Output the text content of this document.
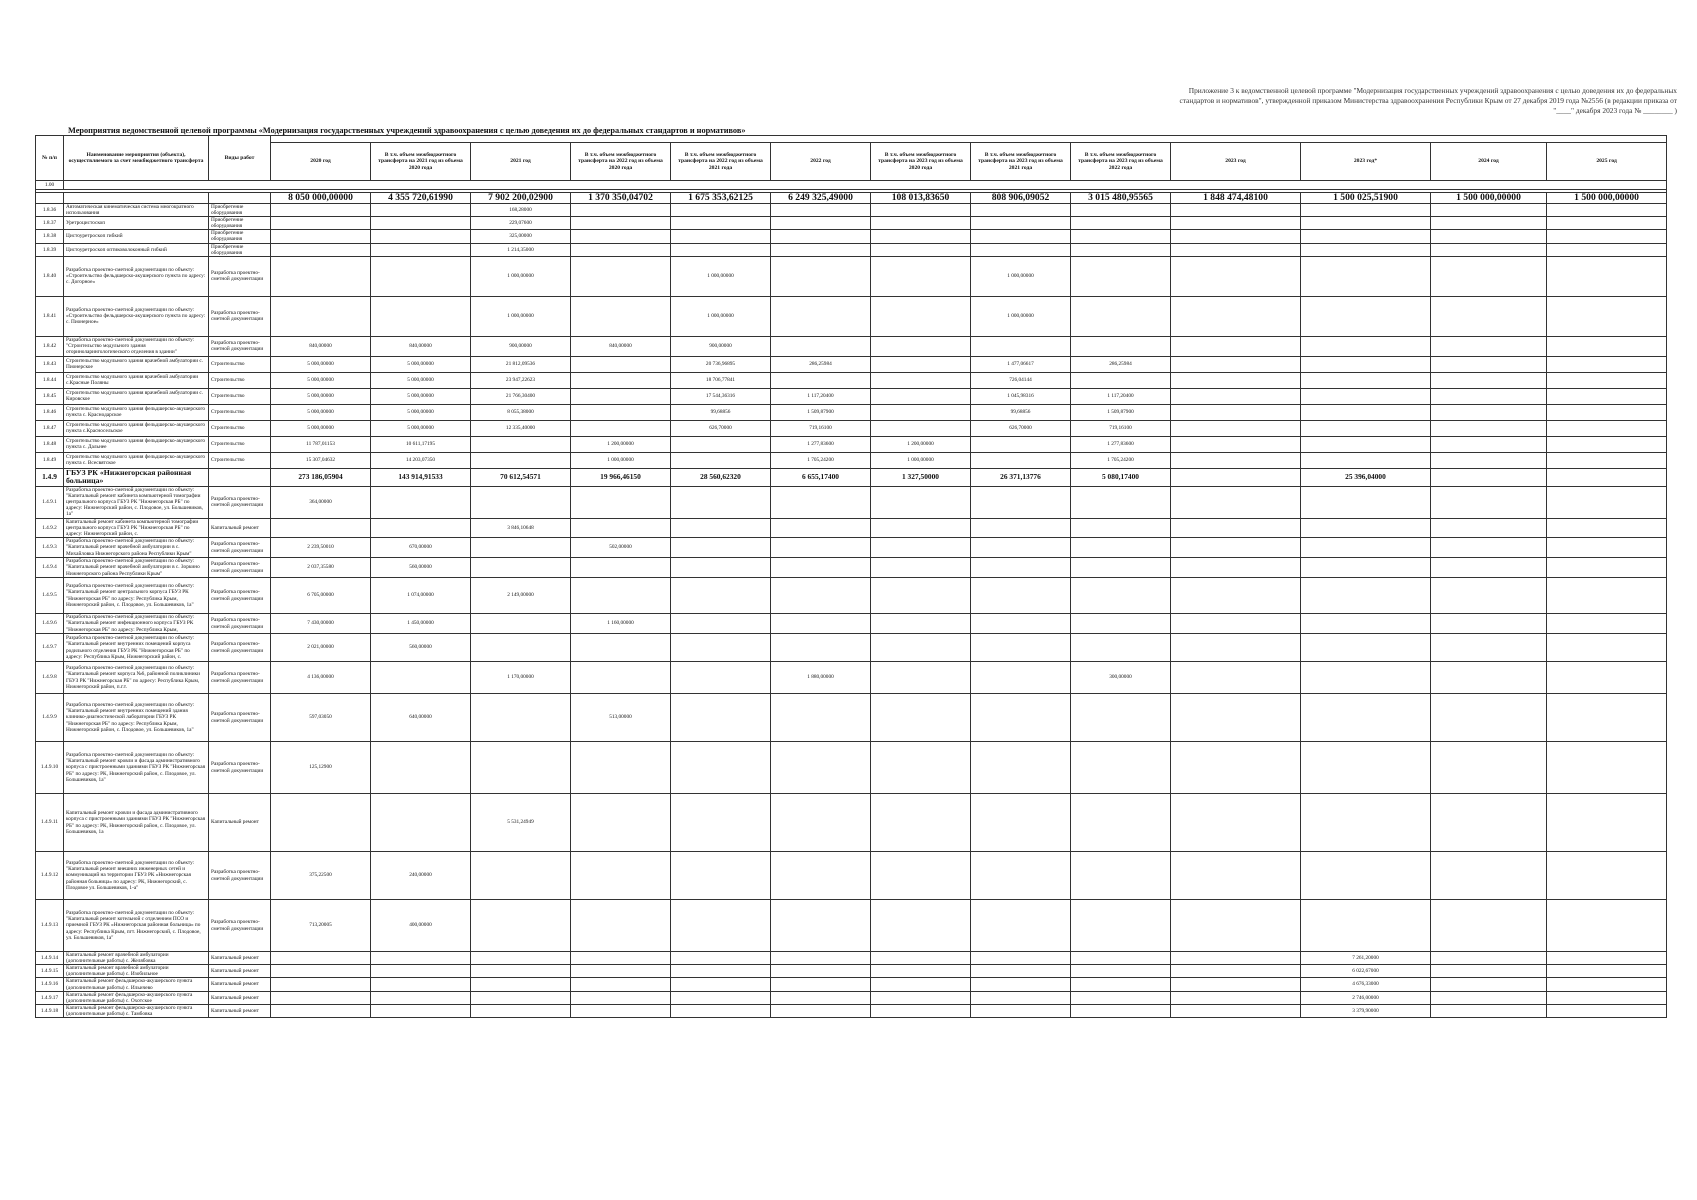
Приложение 3 к ведомственной целевой программе "Модернизация государственных учреждений здравоохранения с целью доведения их до федеральных стандартов и нормативов", утвержденной приказом Министерства здравоохранения Республики Крым от 27 декабря 2019 года №2556 (в редакции приказа от "____" декабря 2023 года № ________ )
Мероприятия ведомственной целевой программы «Модернизация государственных учреждений здравоохранения с целью доведения их до федеральных стандартов и нормативов»
№ п/п	Наименование мероприятия (объекта), осуществляемого за счет межбюджетного трансферта	Виды работ													
			2020 год	В т.ч. объем межбюджетного трансферта на 2021 год из объема 2020 года	2021 год	В т.ч. объем межбюджетного трансферта на 2022 год из объема 2020 года	В т.ч. объем межбюджетного трансферта на 2022 год из объема 2021 года	2022 год	В т.ч. объем межбюджетного трансферта на 2023 год из объема 2020 года	В т.ч. объем межбюджетного трансферта на 2023 год из объема 2021 года	В т.ч. объем межбюджетного трансферта на 2023 год из объема 2022 года	2023 год	2023 год*	2024 год	2025 год
1.00															

			8 050 000,00000	4 355 720,61990	7 902 200,02900	1 370 350,04702	1 675 353,62125	6 249 325,49000	108 013,83650	808 906,09052	3 015 480,95565	1 848 474,48100	1 500 025,51900	1 500 000,00000	1 500 000,00000
1.8.36	Автоматическая кинематическая система многократного использования	Приобретение оборудования			168,28000										
1.8.37	Уретроцистоскоп	Приобретение оборудования			229,07600										
1.8.38	Цистоуретроскоп гибкий	Приобретение оборудования			325,00000										
1.8.39	Цистоуретроскоп оптиковолоконный гибкий	Приобретение оборудования			1 214,35000										
1.8.40	Разработка проектно-сметной документации по объекту: «Строительство фельдшерско-акушерского пункта по адресу: с. Догорное»	Разработка проектно-сметной документации			1 000,00000		1 000,00000			1 000,00000					
1.8.41	Разработка проектно-сметной документации по объекту: «Строительство фельдшерско-акушерского пункта по адресу: с. Пионерное»	Разработка проектно-сметной документации			1 000,00000		1 000,00000			1 000,00000					
1.8.42	Разработка проектно-сметной документации по объекту: "Строительство модульного здания оториноларингологического отделения в здании"	Разработка проектно-сметной документации	840,00000	840,00000	900,00000	840,00000	900,00000								
1.8.43	Строительство модульного здания врачебной амбулатории с. Пионерское	Строительство	5 000,00000	5 000,00000	21 812,09536		20 736,96895	286,25984		1 477,06617	286,25984				
1.8.44	Строительство модульного здания врачебной амбулатории с.Красные Поляны	Строительство	5 000,00000	5 000,00000	23 947,22623		18 706,77841			726,04144					
1.8.45	Строительство модульного здания врачебной амбулатории с. Кировское	Строительство	5 000,00000	5 000,00000	21 766,30400		17 544,36316	1 117,20400		1 045,98316	1 117,20400				
1.8.46	Строительство модульного здания фельдшерско-акушерского пункта с. Краснодарское	Строительство	5 000,00000	5 000,00000	8 055,38000		99,68856	1 509,87900		99,68856	1 509,87900				
1.8.47	Строительство модульного здания фельдшерско-акушерского пункта с.Красносельское	Строительство	5 000,00000	5 000,00000	12 335,40000		626,70000	719,16100		626,70000	719,16100				
1.8.48	Строительство модульного здания фельдшерско-акушерского пункта с. Дальнее	Строительство	11 787,01153	10 611,17195		1 200,00000		1 277,83600	1 200,00000		1 277,83600				
1.8.49	Строительство модульного здания фельдшерско-акушерского пункта с. Всесвятское	Строительство	15 307,04632	14 203,07350		1 000,00000		1 705,24200	1 000,00000		1 705,24200				
1.4.9	ГБУЗ РК «Нижнегорская районная больница»		273 186,05904	143 914,91533	70 612,54571	19 966,46150	28 560,62320	6 655,17400	1 327,50000	26 371,13776	5 080,17400		25 396,04000		
1.4.9.1	Разработка проектно-сметной документации по объекту: "Капитальный ремонт кабинета компьютерной томографии центрального корпуса ГБУЗ РК "Нижнегорская РБ" по адресу: Нижнегорский район, с. Плодовое, ул. Большевиков, 1а"	Разработка проектно-сметной документации	364,00000												
1.4.9.2	Капитальный ремонт кабинета компьютерной томографии центрального корпуса ГБУЗ РК "Нижнегорская РБ" по адресу: Нижнегорский район, с.	Капитальный ремонт			3 846,10648										
1.4.9.3	Разработка проектно-сметной документации по объекту: "Капитальный ремонт врачебной амбулатории в с. Михайловка Нижнегорского района Республики Крым"	Разработка проектно-сметной документации	2 239,50010	670,00000		502,00000									
1.4.9.4	Разработка проектно-сметной документации по объекту: "Капитальный ремонт врачебной амбулатории в с. Зоркино Нижнегорского района Республики Крым"	Разработка проектно-сметной документации	2 037,35580	560,00000											
1.4.9.5	Разработка проектно-сметной документации по объекту: "Капитальный ремонт центрального корпуса ГБУЗ РК "Нижнегорская РБ" по адресу: Республика Крым, Нижнегорский район, с. Плодовое, ул. Большевиков, 1а"	Разработка проектно-сметной документации	6 705,00000	1 074,00000	2 149,00000										
1.4.9.6	Разработка проектно-сметной документации по объекту: "Капитальный ремонт инфекционного корпуса ГБУЗ РК "Нижнегорская РБ" по адресу: Республика Крым,	Разработка проектно-сметной документации	7 430,00000	1 450,00000		1 160,00000									
1.4.9.7	Разработка проектно-сметной документации по объекту: "Капитальный ремонт внутренних помещений корпуса родильного отделения ГБУЗ РК "Нижнегорская РБ" по адресу: Республика Крым, Нижнегорский район, с.	Разработка проектно-сметной документации	2 021,00000	560,00000											
1.4.9.8	Разработка проектно-сметной документации по объекту: "Капитальный ремонт корпуса №6, районной поликлиники ГБУЗ РК "Нижнегорская РБ" по адресу: Республика Крым, Нижнегорский район, п.г.т.	Разработка проектно-сметной документации	4 136,00000		1 170,00000			1 880,00000			300,00000				
1.4.9.9	Разработка проектно-сметной документации по объекту: "Капитальный ремонт внутренних помещений здания клинико-диагностической лаборатории ГБУЗ РК "Нижнегорская РБ" по адресу: Республика Крым, Нижнегорский район, с. Плодовое, ул. Большевиков, 1а"	Разработка проектно-сметной документации	597,03050	640,00000		513,00000									
1.4.9.10	Разработка проектно-сметной документации по объекту: "Капитальный ремонт кровли и фасада административного корпуса с пристроенными зданиями ГБУЗ РК "Нижнегорская РБ" по адресу: РК, Нижнегорский район, с. Плодовое, ул. Большевиков, 1а"	Разработка проектно-сметной документации	125,12900												
1.4.9.11	Капитальный ремонт кровли и фасада административного корпуса с пристроенными зданиями ГБУЗ РК "Нижнегорская РБ" по адресу: РК, Нижнегорский район, с. Плодовое, ул. Большевиков, 1а	Капитальный ремонт			5 531,24949										
1.4.9.12	Разработка проектно-сметной документации по объекту: "Капитальный ремонт внешних инженерных сетей и коммуникаций на территории ГБУЗ РК «Нижнегорская районная больница» по адресу: РК, Нижнегорский, с. Плодовое ул. Большевиков, 1-а"	Разработка проектно-сметной документации	375,22500	240,00000											
1.4.9.13	Разработка проектно-сметной документации по объекту: "Капитальный ремонт котельной с отделением ПСО и приемной ГБУЗ РК «Нижнегорская районная больница» по адресу: Республика Крым, пгт. Нижнегорский, с. Плодовое, ул. Большевиков, 1а"	Разработка проектно-сметной документации	713,20005	400,00000											
1.4.9.14	Капитальный ремонт врачебной амбулатории (дополнительные работы) с. Желябовка	Капитальный ремонт											7 261,20000		
1.4.9.15	Капитальный ремонт врачебной амбулатории (дополнительные работы) с. Изобильное	Капитальный ремонт											6 022,67000		
1.4.9.16	Капитальный ремонт фельдшерско-акушерского пункта (дополнительные работы) с. Ильичево	Капитальный ремонт											4 676,33000		
1.4.9.17	Капитальный ремонт фельдшерско-акушерского пункта (дополнительные работы) с. Охотское	Капитальный ремонт											2 746,00000		
1.4.9.18	Капитальный ремонт фельдшерско-акушерского пункта (дополнительные работы) с. Тамбовка	Капитальный ремонт											3 379,90000		
